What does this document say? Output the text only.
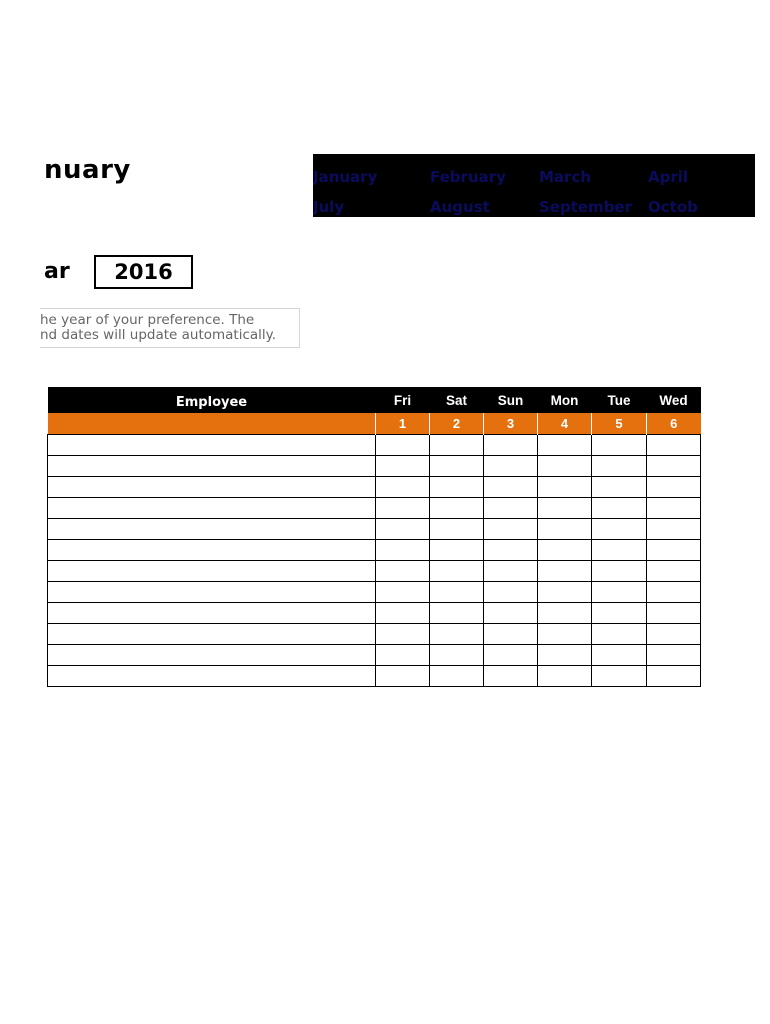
nuary	January	February March	April
July	August	September Octob
ar	2016
he year of your preference. The
nd dates will update automatically.
Employee	Fri	Sat	Sun	Mon	Tue	Wed
	1	2	3	4	5	6
